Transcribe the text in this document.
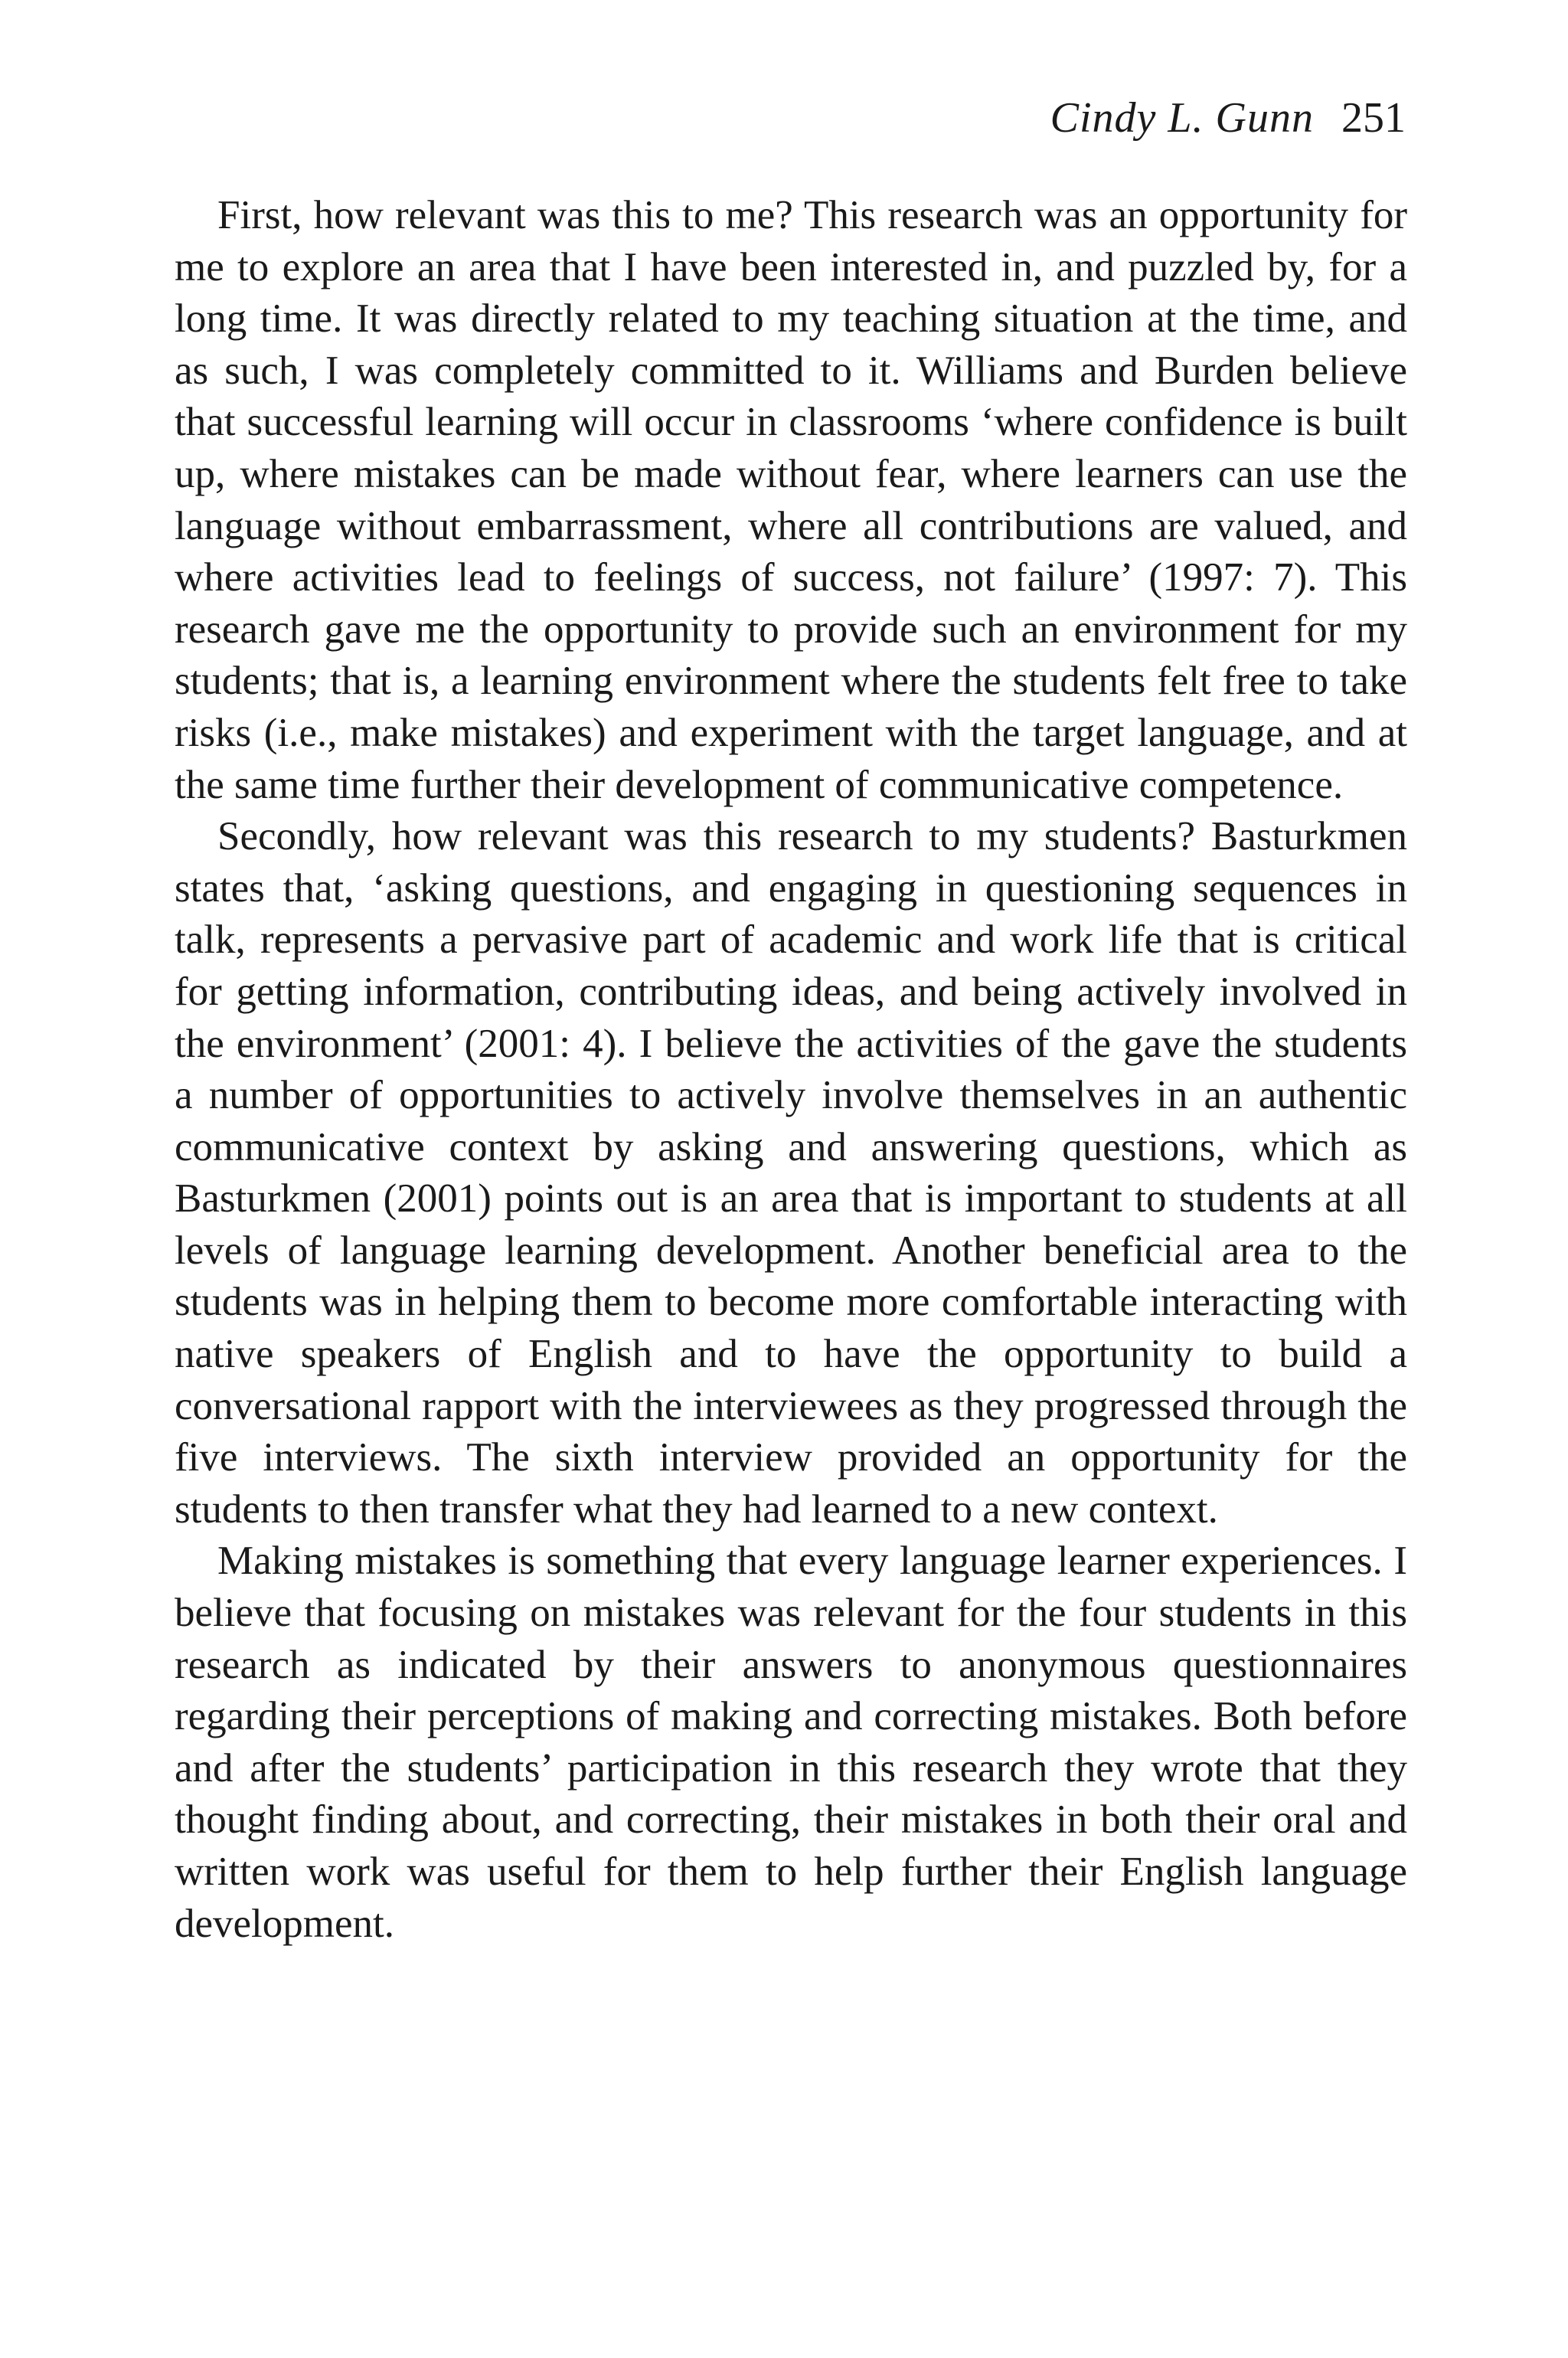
Cindy L. Gunn 251

First, how relevant was this to me? This research was an opportunity for me to explore an area that I have been interested in, and puzzled by, for a long time. It was directly related to my teaching situation at the time, and as such, I was completely committed to it. Williams and Burden believe that successful learning will occur in classrooms ‘where confidence is built up, where mistakes can be made without fear, where learners can use the language without embarrassment, where all contributions are valued, and where activities lead to feelings of success, not failure’ (1997: 7). This research gave me the opportunity to provide such an environment for my students; that is, a learning environment where the students felt free to take risks (i.e., make mistakes) and experiment with the target language, and at the same time further their development of communicative competence.

Secondly, how relevant was this research to my students? Basturkmen states that, ‘asking questions, and engaging in questioning sequences in talk, represents a pervasive part of academic and work life that is critical for getting information, contributing ideas, and being actively involved in the environment’ (2001: 4). I believe the activities of the gave the students a number of opportunities to actively involve themselves in an authentic communicative context by asking and answering questions, which as Basturkmen (2001) points out is an area that is important to students at all levels of language learning development. Another beneficial area to the students was in helping them to become more comfortable interacting with native speakers of English and to have the opportunity to build a conversational rapport with the interviewees as they progressed through the five interviews. The sixth interview provided an opportunity for the students to then transfer what they had learned to a new context.

Making mistakes is something that every language learner experiences. I believe that focusing on mistakes was relevant for the four students in this research as indicated by their answers to anonymous questionnaires regarding their perceptions of making and correcting mistakes. Both before and after the students’ participation in this research they wrote that they thought finding about, and correcting, their mistakes in both their oral and written work was useful for them to help further their English language development.
